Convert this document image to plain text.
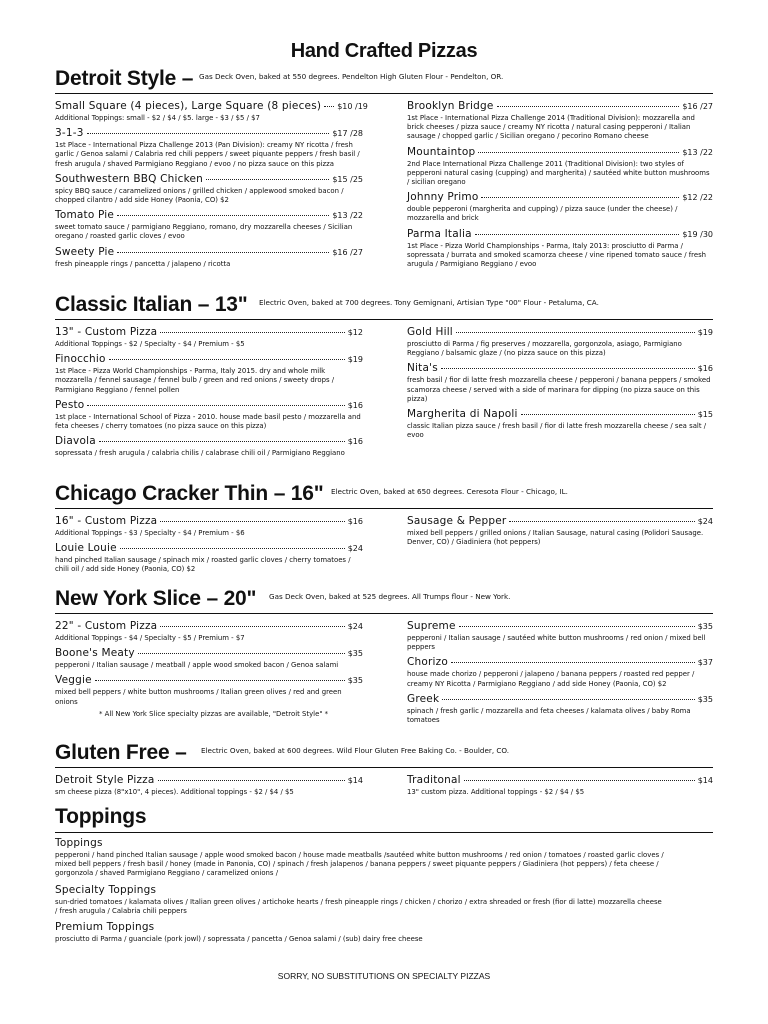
Hand Crafted Pizzas
Detroit Style – Gas Deck Oven, baked at 550 degrees. Pendelton High Gluten Flour - Pendelton, OR.
Small Square (4 pieces), Large Square (8 pieces) $10 /19
Additional Toppings: small - $2 / $4 / $5. large - $3 / $5 / $7
3-1-3	$17 /28
1st Place - International Pizza Challenge 2013 (Pan Division): creamy NY ricotta / fresh garlic / Genoa salami / Calabria red chili peppers / sweet piquante peppers / fresh basil / fresh arugula / shaved Parmigiano Reggiano / evoo / no pizza sauce on this pizza
Southwestern BBQ Chicken	$15 /25
spicy BBQ sauce / caramelized onions / grilled chicken / applewood smoked bacon / chopped cilantro / add side Honey (Paonia, CO) $2
Tomato Pie	$13 /22
sweet tomato sauce / parmigiano Reggiano, romano, dry mozzarella cheeses / Sicilian oregano / roasted garlic cloves / evoo
Sweety Pie	$16 /27
fresh pineapple rings / pancetta / jalapeno / ricotta
Brooklyn Bridge	$16 /27
1st Place - International Pizza Challenge 2014 (Traditional Division): mozzarella and brick cheeses / pizza sauce / creamy NY ricotta / natural casing pepperoni / Italian sausage / chopped garlic / Sicilian oregano / pecorino Romano cheese
Mountaintop	$13 /22
2nd Place International Pizza Challenge 2011 (Traditional Division): two styles of pepperoni natural casing (cupping) and margherita) / sautéed white button mushrooms / sicilian oregano
Johnny Primo	$12 /22
double pepperoni (margherita and cupping) / pizza sauce (under the cheese) / mozzarella and brick
Parma Italia	$19 /30
1st Place - Pizza World Championships - Parma, Italy 2013: prosciutto di Parma / sopressata / burrata and smoked scamorza cheese / vine ripened tomato sauce / fresh arugula / Parmigiano Reggiano / evoo
Classic Italian – 13" Electric Oven, baked at 700 degrees. Tony Gemignani, Artisian Type "00" Flour - Petaluma, CA.
13" - Custom Pizza	$12
Additional Toppings - $2 / Specialty - $4 / Premium - $5
Finocchio	$19
1st Place - Pizza World Championships - Parma, Italy 2015. dry and whole milk mozzarella / fennel sausage / fennel bulb / green and red onions / sweety drops / Parmigiano Reggiano / fennel pollen
Pesto	$16
1st place - International School of Pizza - 2010. house made basil pesto / mozzarella and feta cheeses / cherry tomatoes (no pizza sauce on this pizza)
Diavola	$16
sopressata / fresh arugula / calabria chilis / calabrase chili oil / Parmigiano Reggiano
Gold Hill	$19
prosciutto di Parma / fig preserves / mozzarella, gorgonzola, asiago, Parmigiano Reggiano / balsamic glaze / (no pizza sauce on this pizza)
Nita's	$16
fresh basil / fior di latte fresh mozzarella cheese / pepperoni / banana peppers / smoked scamorza cheese / served with a side of marinara for dipping (no pizza sauce on this pizza)
Margherita di Napoli	$15
classic Italian pizza sauce / fresh basil / fior di latte fresh mozzarella cheese / sea salt / evoo
Chicago Cracker Thin – 16" Electric Oven, baked at 650 degrees. Ceresota Flour - Chicago, IL.
16" - Custom Pizza	$16
Additional Toppings - $3 / Specialty - $4 / Premium - $6
Louie Louie	$24
hand pinched Italian sausage / spinach mix / roasted garlic cloves / cherry tomatoes / chili oil / add side Honey (Paonia, CO) $2
Sausage & Pepper	$24
mixed bell peppers / grilled onions / Italian Sausage, natural casing (Polidori Sausage. Denver, CO) / Giadiniera (hot peppers)
New York Slice – 20" Gas Deck Oven, baked at 525 degrees. All Trumps flour - New York.
22" - Custom Pizza	$24
Additional Toppings - $4 / Specialty - $5 / Premium - $7
Boone's Meaty	$35
pepperoni / Italian sausage / meatball / apple wood smoked bacon / Genoa salami
Veggie	$35
mixed bell peppers / white button mushrooms / Italian green olives / red and green onions
* All New York Slice specialty pizzas are available, "Detroit Style" *
Supreme	$35
pepperoni / Italian sausage / sautéed white button mushrooms / red onion / mixed bell peppers
Chorizo	$37
house made chorizo / pepperoni / jalapeno / banana peppers / roasted red pepper / creamy NY Ricotta / Parmigiano Reggiano / add side Honey (Paonia, CO) $2
Greek	$35
spinach / fresh garlic / mozzarella and feta cheeses / kalamata olives / baby Roma tomatoes
Gluten Free – Electric Oven, baked at 600 degrees. Wild Flour Gluten Free Baking Co. - Boulder, CO.
Detroit Style Pizza	$14
sm cheese pizza (8"x10", 4 pieces). Additional toppings - $2 / $4 / $5
Traditonal	$14
13" custom pizza. Additional toppings - $2 / $4 / $5
Toppings
Toppings
pepperoni / hand pinched Italian sausage / apple wood smoked bacon / house made meatballs /sautéed white button mushrooms / red onion / tomatoes / roasted garlic cloves / mixed bell peppers / fresh basil / honey (made in Panonia, CO) / spinach / fresh jalapenos / banana peppers / sweet piquante peppers / Giadiniera (hot peppers) / feta cheese / gorgonzola / shaved Parmigiano Reggiano / caramelized onions /
Specialty Toppings
sun-dried tomatoes / kalamata olives / Italian green olives / artichoke hearts / fresh pineapple rings / chicken / chorizo / extra shreaded or fresh (fior di latte) mozzarella cheese / fresh arugula / Calabria chili peppers
Premium Toppings
prosciutto di Parma / guanciale (pork jowl) / sopressata / pancetta / Genoa salami / (sub) dairy free cheese
SORRY, NO SUBSTITUTIONS ON SPECIALTY PIZZAS
